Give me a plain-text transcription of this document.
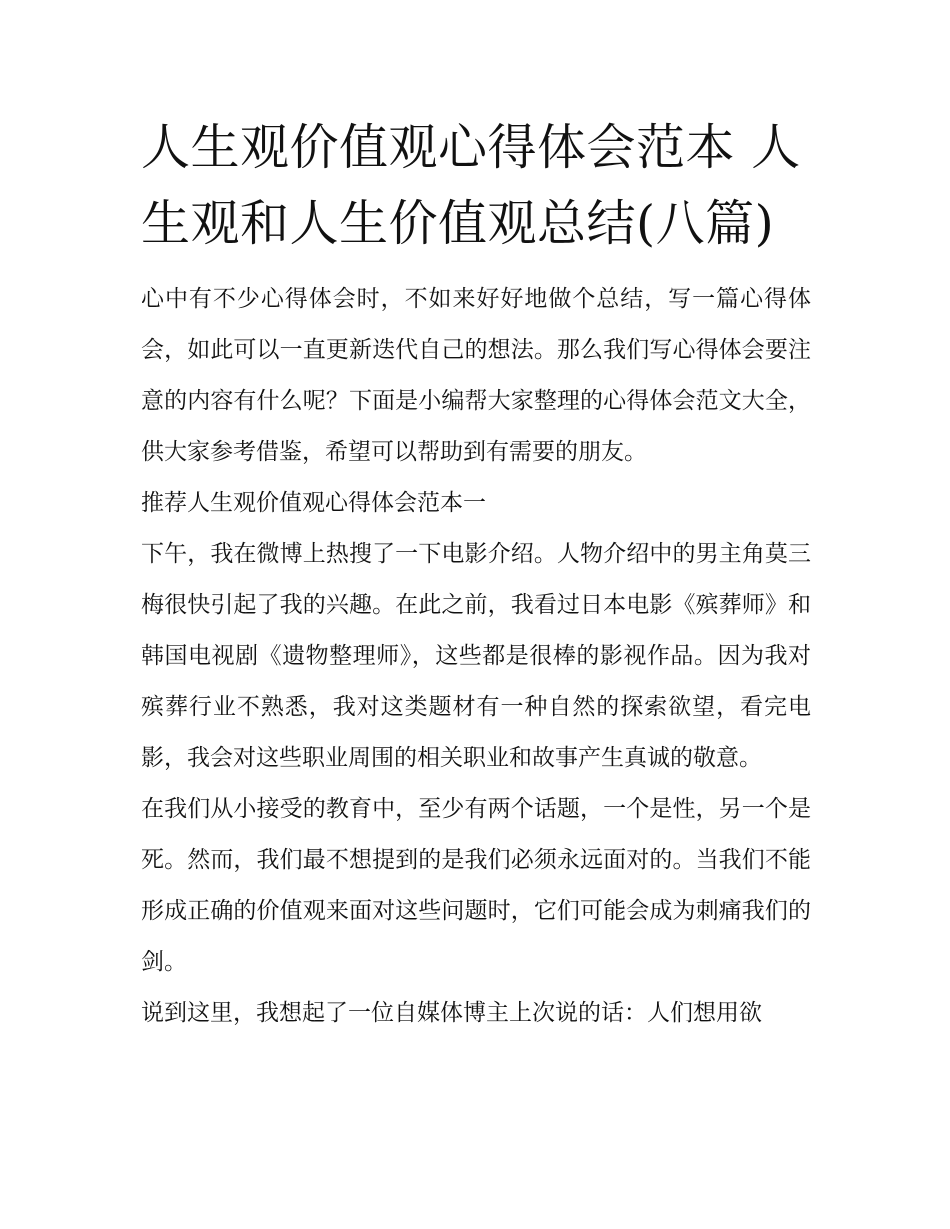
人生观价值观心得体会范本 人生观和人生价值观总结(八篇)

心中有不少心得体会时，不如来好好地做个总结，写一篇心得体会，如此可以一直更新迭代自己的想法。那么我们写心得体会要注意的内容有什么呢？下面是小编帮大家整理的心得体会范文大全，供大家参考借鉴，希望可以帮助到有需要的朋友。

推荐人生观价值观心得体会范本一

下午，我在微博上热搜了一下电影介绍。人物介绍中的男主角莫三梅很快引起了我的兴趣。在此之前，我看过日本电影《殡葬师》和韩国电视剧《遗物整理师》，这些都是很棒的影视作品。因为我对殡葬行业不熟悉，我对这类题材有一种自然的探索欲望，看完电影，我会对这些职业周围的相关职业和故事产生真诚的敬意。

在我们从小接受的教育中，至少有两个话题，一个是性，另一个是死。然而，我们最不想提到的是我们必须永远面对的。当我们不能形成正确的价值观来面对这些问题时，它们可能会成为刺痛我们的剑。

说到这里，我想起了一位自媒体博主上次说的话：人们想用欲
